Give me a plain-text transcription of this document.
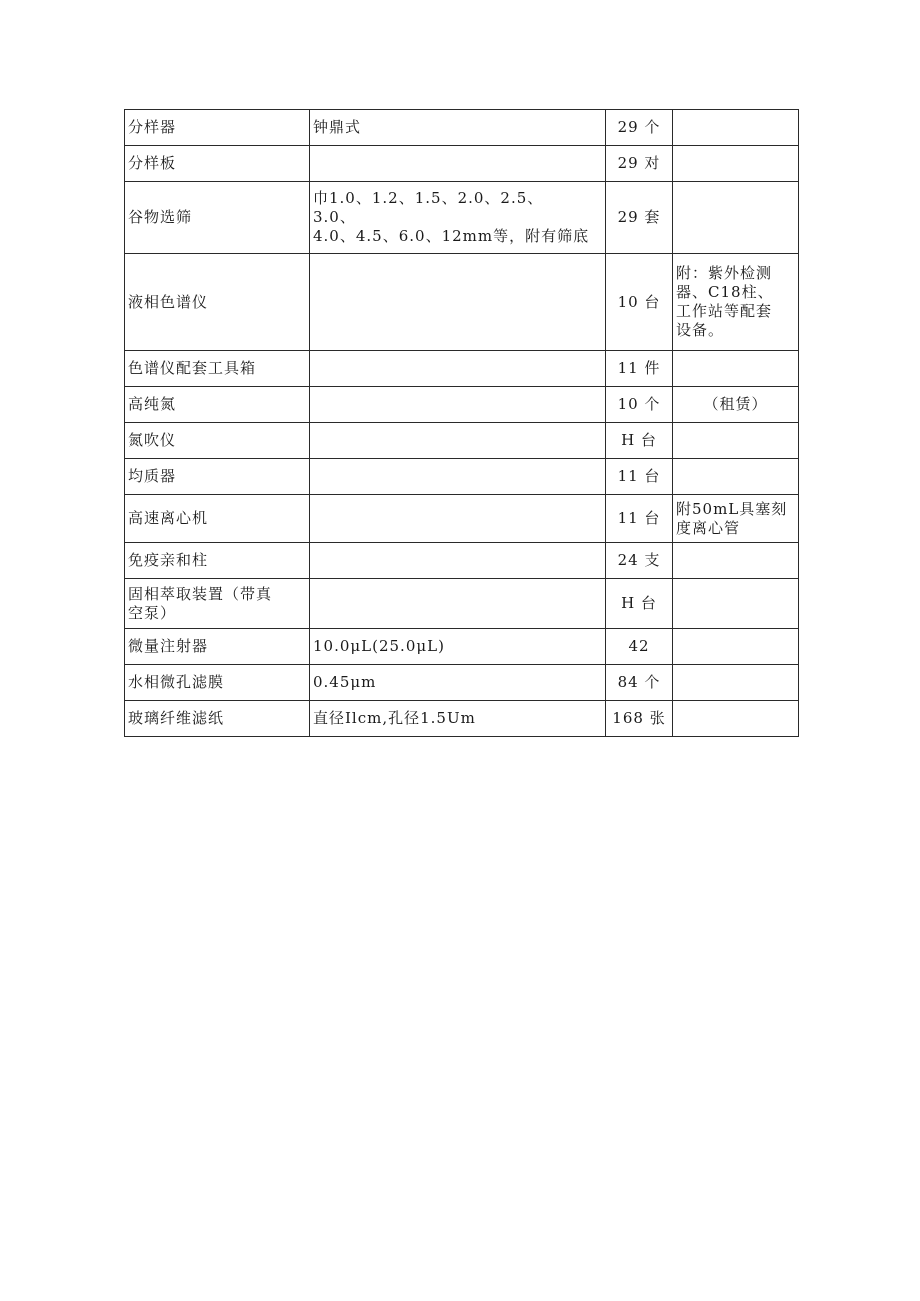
分样器	钟鼎式	29 个	
分样板		29 对	
谷物选筛	巾1.0、1.2、1.5、2.0、2.5、
3.0、
4.0、4.5、6.0、12mm等，附有筛底	29 套	
液相色谱仪		10 台	附：紫外检测
器、C18柱、
工作站等配套
设备。
色谱仪配套工具箱		11 件	
高纯氮		10 个	（租赁）
氮吹仪		H 台	
均质器		11 台	
高速离心机		11 台	附50mL具塞刻
度离心管
免疫亲和柱		24 支	
固相萃取装置（带真
空泵）		H 台	
微量注射器	10.0μL(25.0μL)	42	
水相微孔滤膜	0.45μm	84 个	
玻璃纤维滤纸	直径Ilcm,孔径1.5Um	168 张	
